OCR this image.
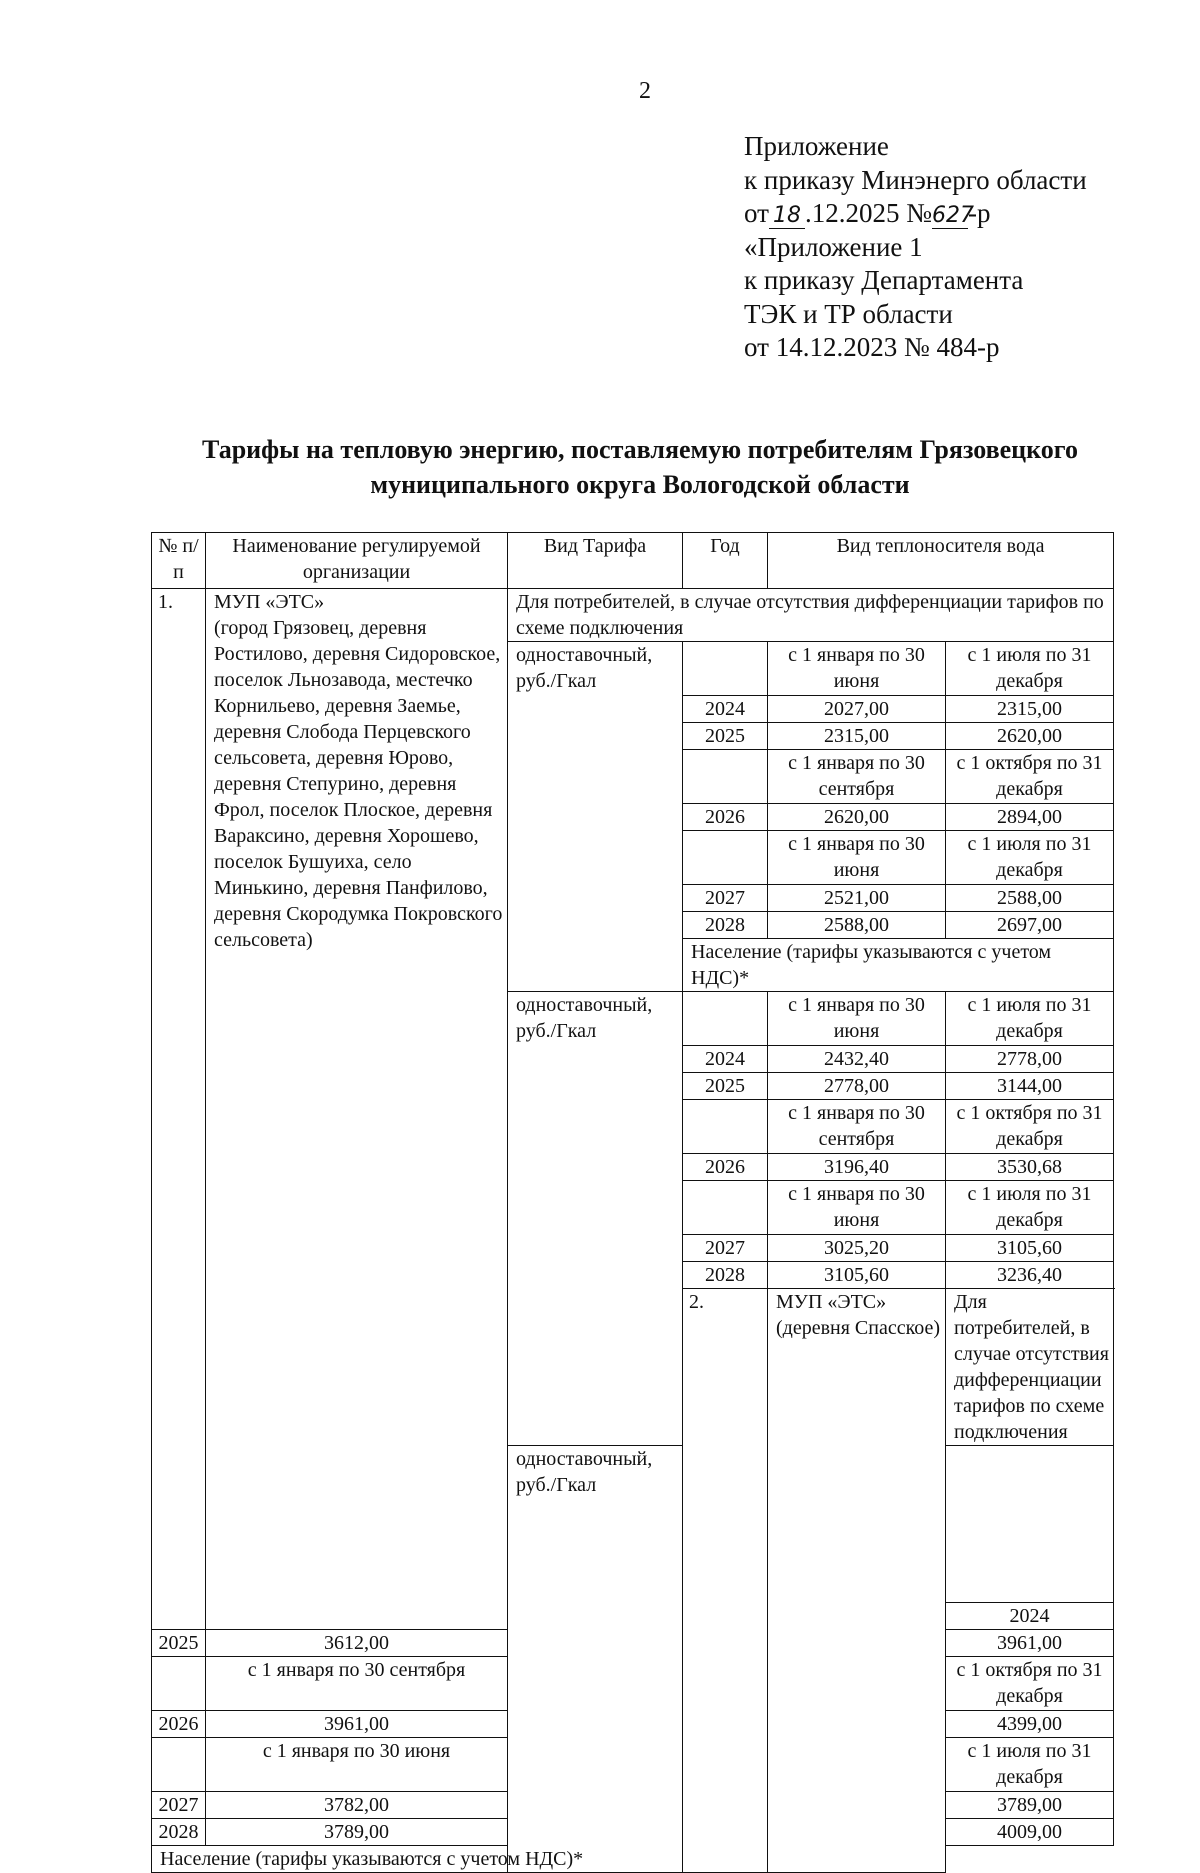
2
Приложение
к приказу Минэнерго области
от 18 .12.2025 №627-р
«Приложение 1
к приказу Департамента
ТЭК и ТР области
от 14.12.2023 № 484-р
Тарифы на тепловую энергию, поставляемую потребителям Грязовецкого
муниципального округа Вологодской области
№ п/п	Наименование регулируемой организации	Вид Тарифа	Год	Вид теплоносителя вода		
1.	МУП «ЭТС»
(город Грязовец, деревня Ростилово, деревня Сидоровское, поселок Льнозавода, местечко Корнильево, деревня Заемье, деревня Слобода Перцевского сельсовета, деревня Юрово, деревня Степурино, деревня Фрол, поселок Плоское, деревня Вараксино, деревня Хорошево, поселок Бушуиха, село Минькино, деревня Панфилово, деревня Скородумка Покровского сельсовета)	Для потребителей, в случае отсутствия дифференциации тарифов по схеме подключения				
		одноставочный, руб./Гкал		с 1 января по 30 июня	с 1 июля по 31 декабря	
			2024	2027,00	2315,00	
			2025	2315,00	2620,00	
				с 1 января по 30 сентября	с 1 октября по 31 декабря	
			2026	2620,00	2894,00	
				с 1 января по 30 июня	с 1 июля по 31 декабря	
			2027	2521,00	2588,00	
			2028	2588,00	2697,00	
			Население (тарифы указываются с учетом НДС)*			
		одноставочный, руб./Гкал		с 1 января по 30 июня	с 1 июля по 31 декабря	
			2024	2432,40	2778,00	
			2025	2778,00	3144,00	
				с 1 января по 30 сентября	с 1 октября по 31 декабря	
			2026	3196,40	3530,68	
				с 1 января по 30 июня	с 1 июля по 31 декабря	
			2027	3025,20	3105,60	
			2028	3105,60	3236,40	
			2.	МУП «ЭТС»
(деревня Спасское)	Для потребителей, в случае отсутствия дифференциации тарифов по схеме подключения	
		одноставочный, руб./Гкал			
					2024		
2025	3612,00				3961,00	
	с 1 января по 30 сентября				с 1 октября по 31 декабря	
2026	3961,00				4399,00	
	с 1 января по 30 июня				с 1 июля по 31 декабря	
2027	3782,00				3789,00	
2028	3789,00				4009,00	
Население (тарифы указываются с учетом НДС)*						
